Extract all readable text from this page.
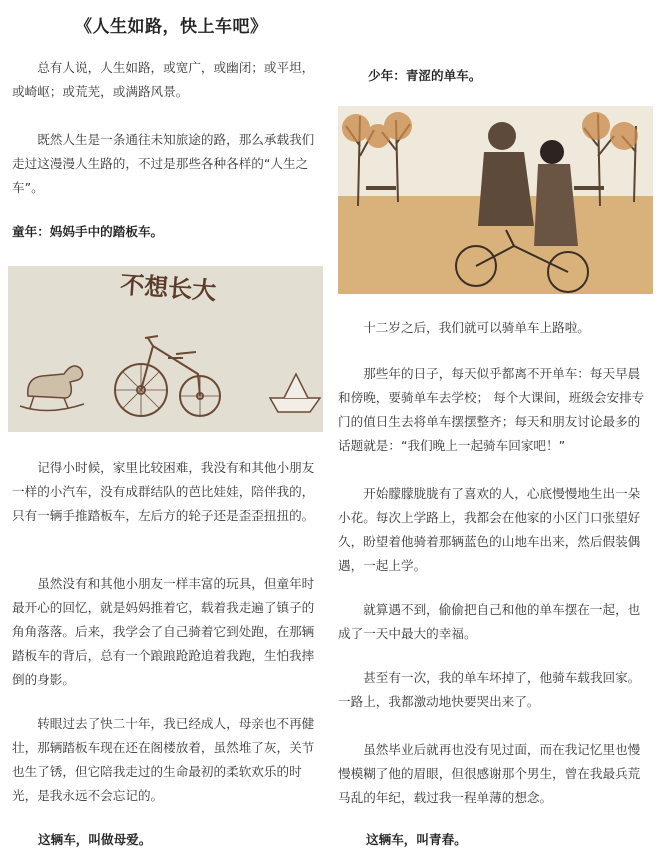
《人生如路，快上车吧》

总有人说，人生如路，或宽广，或幽闭；或平坦，或崎岖；或荒芜，或满路风景。

既然人生是一条通往未知旅途的路，那么承载我们走过这漫漫人生路的，不过是那些各种各样的“人生之车”。

童年：妈妈手中的踏板车。
不想长大

记得小时候，家里比较困难，我没有和其他小朋友一样的小汽车，没有成群结队的芭比娃娃，陪伴我的，只有一辆手推踏板车，左后方的轮子还是歪歪扭扭的。

虽然没有和其他小朋友一样丰富的玩具，但童年时最开心的回忆，就是妈妈推着它，载着我走遍了镇子的角角落落。后来，我学会了自己骑着它到处跑，在那辆踏板车的背后，总有一个踉踉跄跄追着我跑，生怕我摔倒的身影。

转眼过去了快二十年，我已经成人，母亲也不再健壮，那辆踏板车现在还在阁楼放着，虽然堆了灰，关节也生了锈，但它陪我走过的生命最初的柔软欢乐的时光，是我永远不会忘记的。

这辆车，叫做母爱。
少年：青涩的单车。

十二岁之后，我们就可以骑单车上路啦。

那些年的日子，每天似乎都离不开单车：每天早晨和傍晚，要骑单车去学校； 每个大课间，班级会安排专门的值日生去将单车摆摆整齐；每天和朋友讨论最多的话题就是：“我们晚上一起骑车回家吧！”

开始朦朦胧胧有了喜欢的人，心底慢慢地生出一朵小花。每次上学路上，我都会在他家的小区门口张望好久，盼望着他骑着那辆蓝色的山地车出来，然后假装偶遇，一起上学。

就算遇不到，偷偷把自己和他的单车摆在一起，也成了一天中最大的幸福。

甚至有一次，我的单车坏掉了，他骑车载我回家。一路上，我都激动地快要哭出来了。

虽然毕业后就再也没有见过面，而在我记忆里也慢慢模糊了他的眉眼，但很感谢那个男生，曾在我最兵荒马乱的年纪，载过我一程单薄的想念。

这辆车，叫青春。
